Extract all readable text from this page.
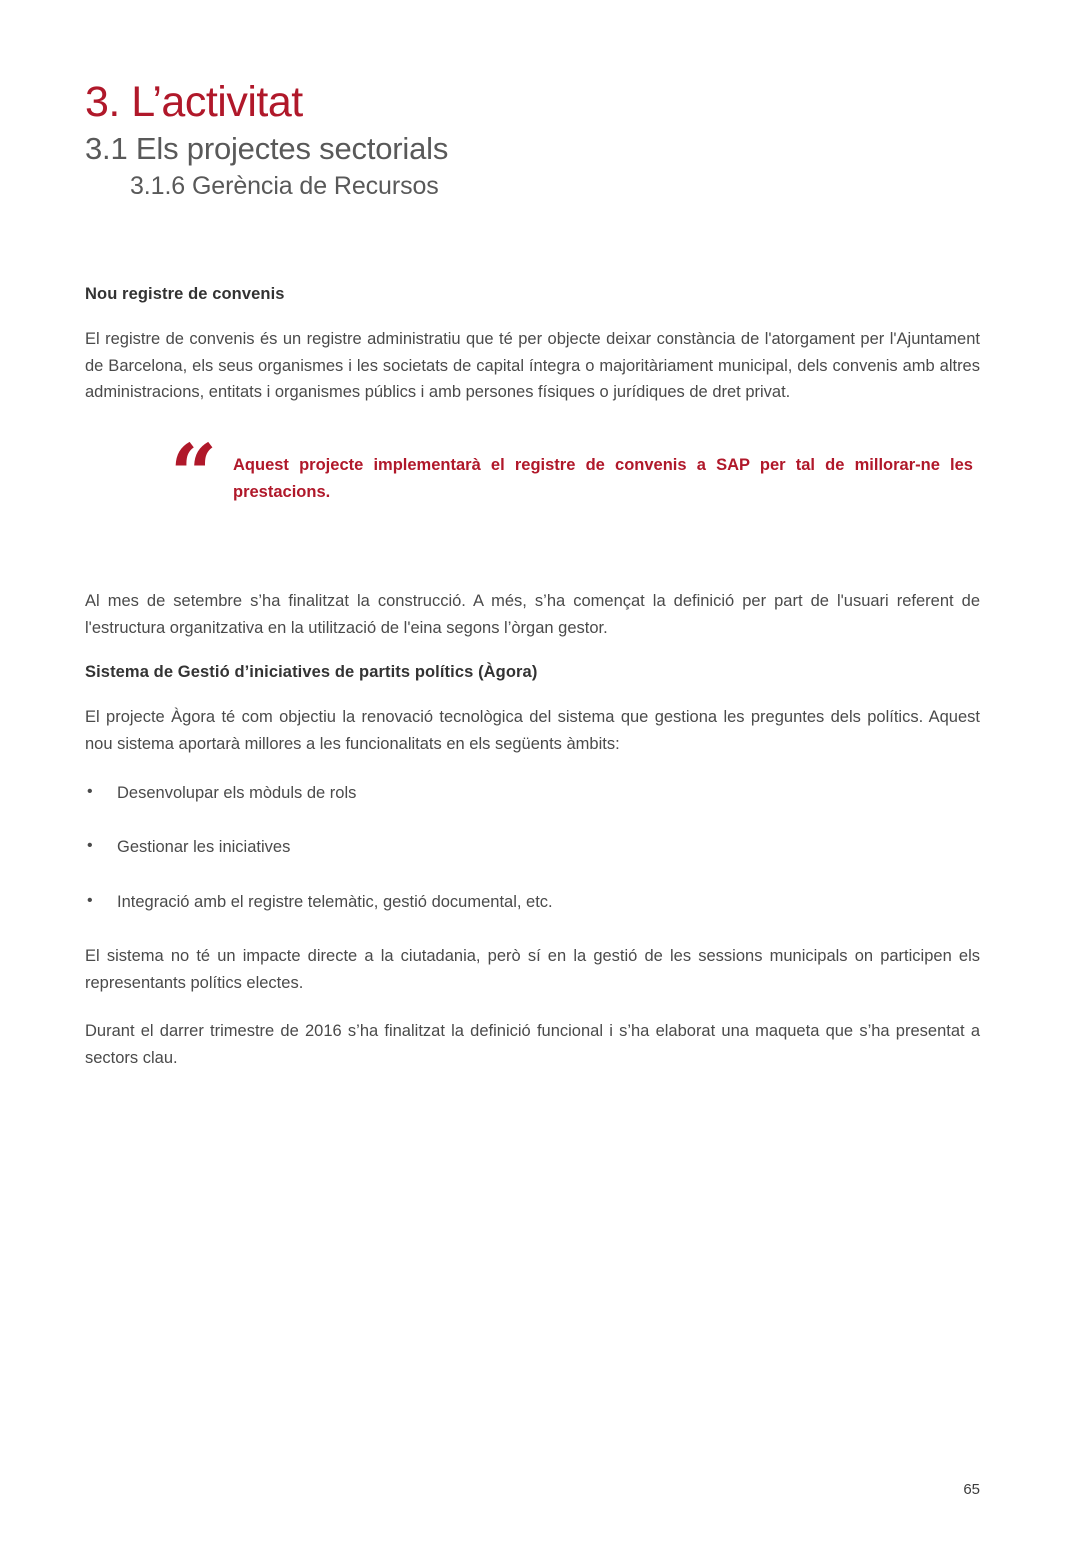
3. L’activitat
3.1 Els projectes sectorials
3.1.6 Gerència de Recursos
Nou registre de convenis

El registre de convenis és un registre administratiu que té per objecte deixar constància de l'atorgament per l'Ajuntament de Barcelona, els seus organismes i les societats de capital íntegra o majoritàriament municipal, dels convenis amb altres administracions, entitats i organismes públics i amb persones físiques o jurídiques de dret privat.

“ Aquest projecte implementarà el registre de convenis a SAP per tal de millorar-ne les prestacions.

Al mes de setembre s’ha finalitzat la construcció. A més, s’ha començat la definició per part de l'usuari referent de l'estructura organitzativa en la utilització de l'eina segons l’òrgan gestor.

Sistema de Gestió d’iniciatives de partits polítics (Àgora)

El projecte Àgora té com objectiu la renovació tecnològica del sistema que gestiona les preguntes dels polítics. Aquest nou sistema aportarà millores a les funcionalitats en els següents àmbits:

• Desenvolupar els mòduls de rols
• Gestionar les iniciatives
• Integració amb el registre telemàtic, gestió documental, etc.

El sistema no té un impacte directe a la ciutadania, però sí en la gestió de les sessions municipals on participen els representants polítics electes.

Durant el darrer trimestre de 2016 s’ha finalitzat la definició funcional i s’ha elaborat una maqueta que s’ha presentat a sectors clau.

65
